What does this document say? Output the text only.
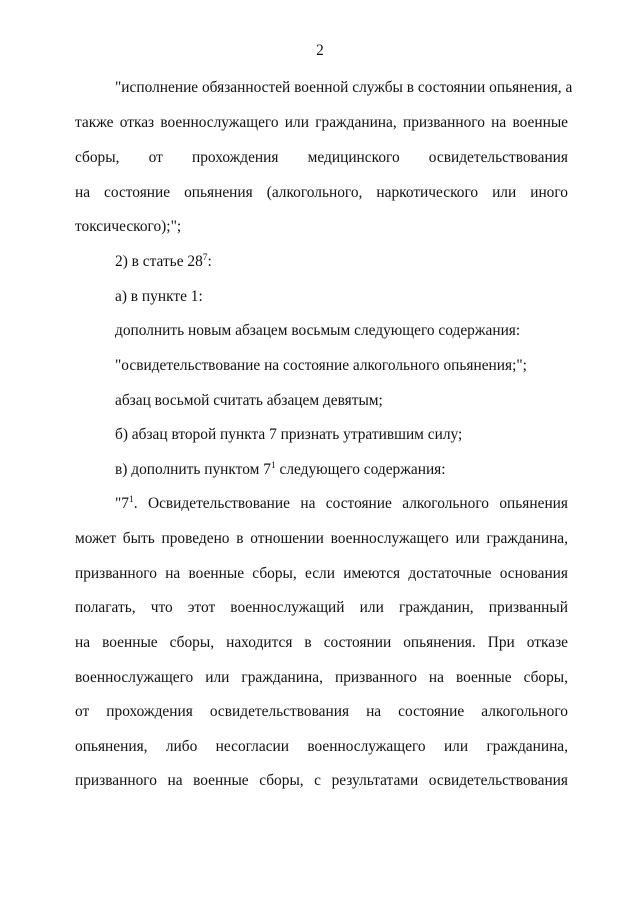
2
"исполнение обязанностей военной службы в состоянии опьянения, а
также отказ военнослужащего или гражданина, призванного на военные
сборы, от прохождения медицинского освидетельствования
на состояние опьянения (алкогольного, наркотического или иного
токсического);";
2) в статье $28^7$:
а) в пункте 1:
дополнить новым абзацем восьмым следующего содержания:
"освидетельствование на состояние алкогольного опьянения;";
абзац восьмой считать абзацем девятым;
б) абзац второй пункта 7 признать утратившим силу;
в) дополнить пунктом $7^1$ следующего содержания:
"$7^1$. Освидетельствование на состояние алкогольного опьянения
может быть проведено в отношении военнослужащего или гражданина,
призванного на военные сборы, если имеются достаточные основания
полагать, что этот военнослужащий или гражданин, призванный
на военные сборы, находится в состоянии опьянения. При отказе
военнослужащего или гражданина, призванного на военные сборы,
от прохождения освидетельствования на состояние алкогольного
опьянения, либо несогласии военнослужащего или гражданина,
призванного на военные сборы, с результатами освидетельствования
